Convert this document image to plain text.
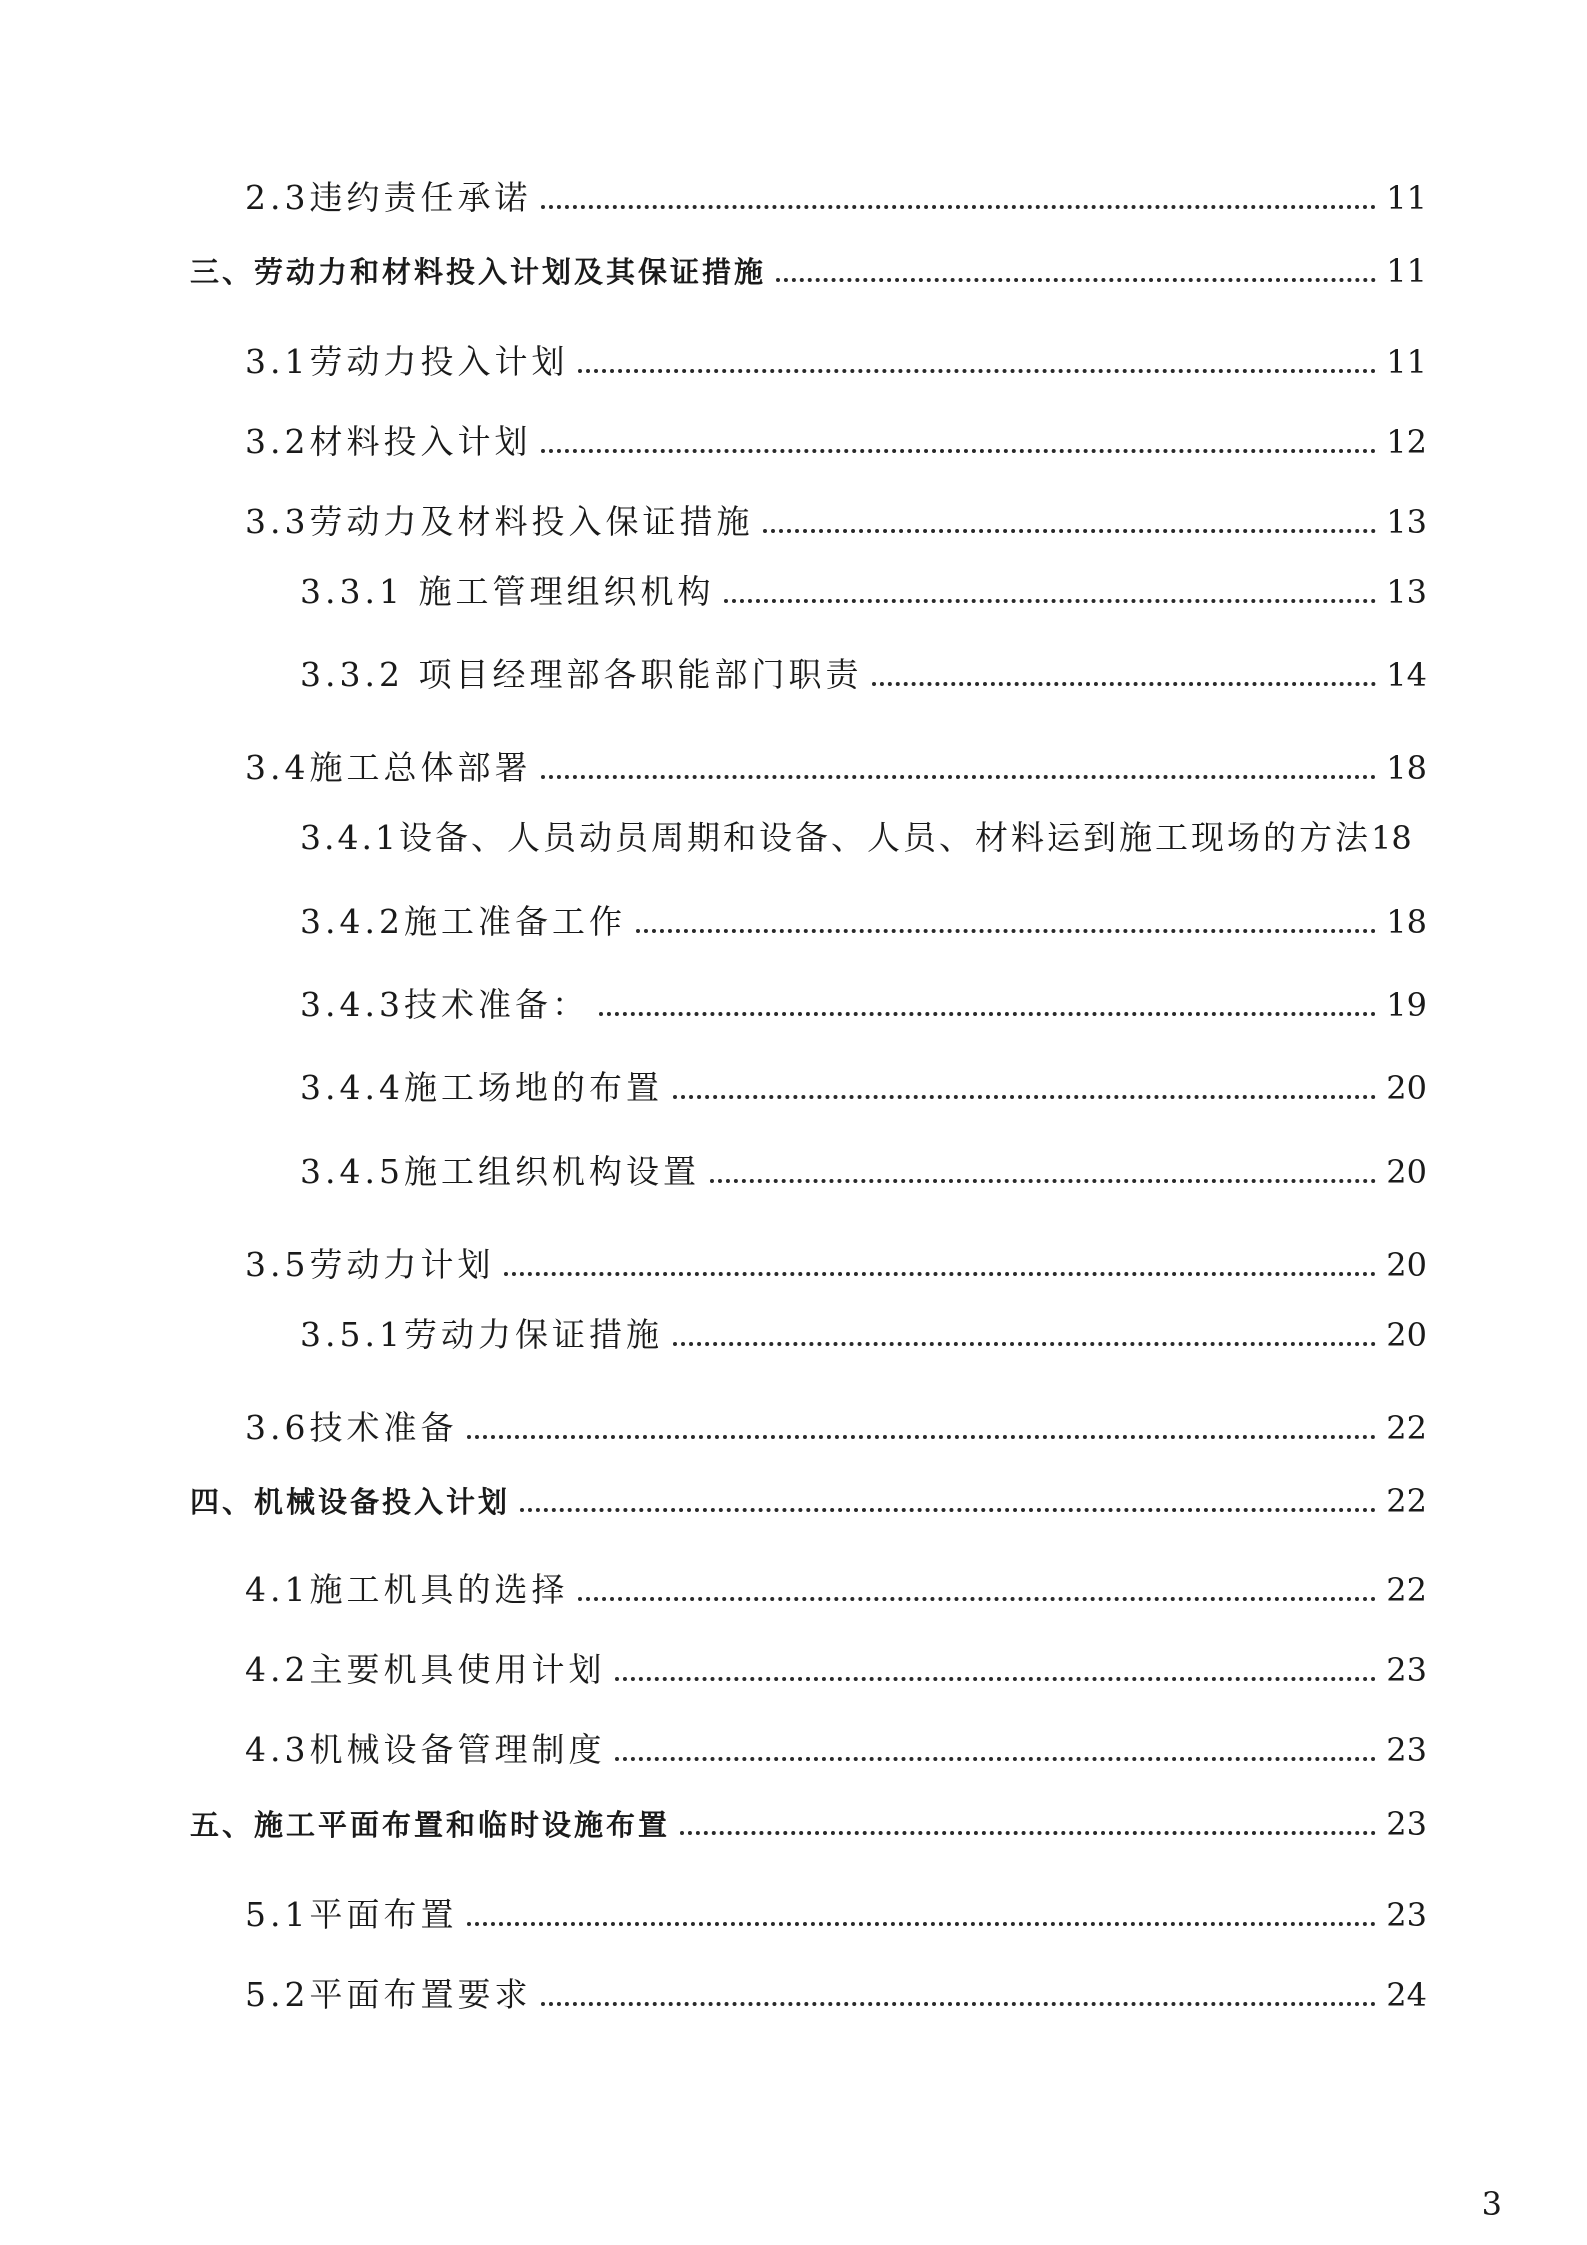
2.3违约责任承诺	11
三、劳动力和材料投入计划及其保证措施	11
3.1劳动力投入计划	11
3.2材料投入计划	12
3.3劳动力及材料投入保证措施	13
3.3.1 施工管理组织机构	13
3.3.2 项目经理部各职能部门职责	14
3.4施工总体部署	18
3.4.1设备、人员动员周期和设备、人员、材料运到施工现场的方法 18
3.4.2施工准备工作	18
3.4.3技术准备：	19
3.4.4施工场地的布置	20
3.4.5施工组织机构设置	20
3.5劳动力计划	20
3.5.1劳动力保证措施	20
3.6技术准备	22
四、机械设备投入计划	22
4.1施工机具的选择	22
4.2主要机具使用计划	23
4.3机械设备管理制度	23
五、施工平面布置和临时设施布置	23
5.1平面布置	23
5.2平面布置要求	24
3
